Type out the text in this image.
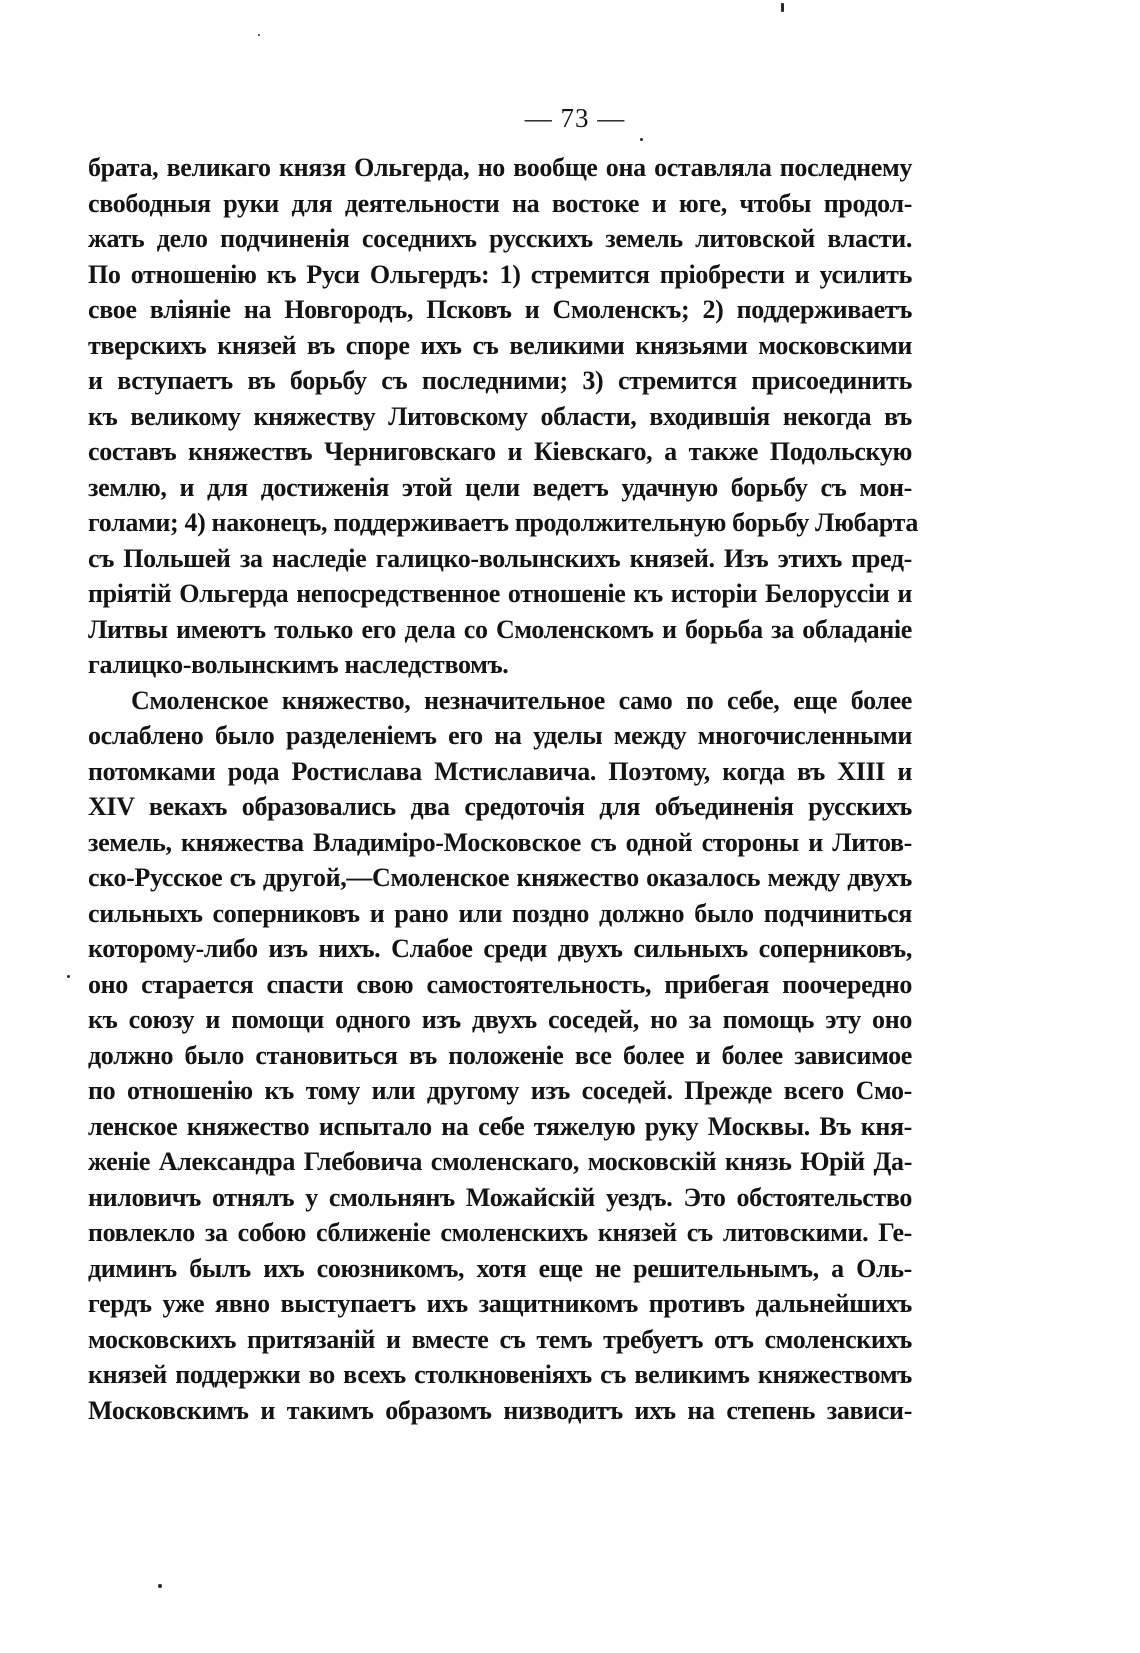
— 73 —
брата, великаго князя Ольгерда, но вообще она оставляла последнему
свободныя руки для деятельности на востоке и юге, чтобы продол-
жать дело подчиненія соседнихъ русскихъ земель литовской власти.
По отношенію къ Руси Ольгердъ: 1) стремится пріобрести и усилить
свое вліяніе на Новгородъ, Псковъ и Смоленскъ; 2) поддерживаетъ
тверскихъ князей въ споре ихъ съ великими князьями московскими
и вступаетъ въ борьбу съ последними; 3) стремится присоединить
къ великому княжеству Литовскому области, входившія некогда въ
составъ княжествъ Черниговскаго и Кіевскаго, а также Подольскую
землю, и для достиженія этой цели ведетъ удачную борьбу съ мон-
голами; 4) наконецъ, поддерживаетъ продолжительную борьбу Любарта
съ Польшей за наследіе галицко-волынскихъ князей. Изъ этихъ пред-
пріятій Ольгерда непосредственное отношеніе къ исторіи Белоруссіи и
Литвы имеютъ только его дела со Смоленскомъ и борьба за обладаніе
галицко-волынскимъ наследствомъ.
Смоленское княжество, незначительное само по себе, еще более
ослаблено было разделеніемъ его на уделы между многочисленными
потомками рода Ростислава Мстиславича. Поэтому, когда въ XIII и
XIV векахъ образовались два средоточія для объединенія русскихъ
земель, княжества Владиміро-Московское съ одной стороны и Литов-
ско-Русское съ другой,—Смоленское княжество оказалось между двухъ
сильныхъ соперниковъ и рано или поздно должно было подчиниться
которому-либо изъ нихъ. Слабое среди двухъ сильныхъ соперниковъ,
оно старается спасти свою самостоятельность, прибегая поочередно
къ союзу и помощи одного изъ двухъ соседей, но за помощь эту оно
должно было становиться въ положеніе все более и более зависимое
по отношенію къ тому или другому изъ соседей. Прежде всего Смо-
ленское княжество испытало на себе тяжелую руку Москвы. Въ кня-
женіе Александра Глебовича смоленскаго, московскій князь Юрій Да-
ниловичъ отнялъ у смольнянъ Можайскій уездъ. Это обстоятельство
повлекло за собою сближеніе смоленскихъ князей съ литовскими. Ге-
диминъ былъ ихъ союзникомъ, хотя еще не решительнымъ, а Оль-
гердъ уже явно выступаетъ ихъ защитникомъ противъ дальнейшихъ
московскихъ притязаній и вместе съ темъ требуетъ отъ смоленскихъ
князей поддержки во всехъ столкновеніяхъ съ великимъ княжествомъ
Московскимъ и такимъ образомъ низводитъ ихъ на степень зависи-
